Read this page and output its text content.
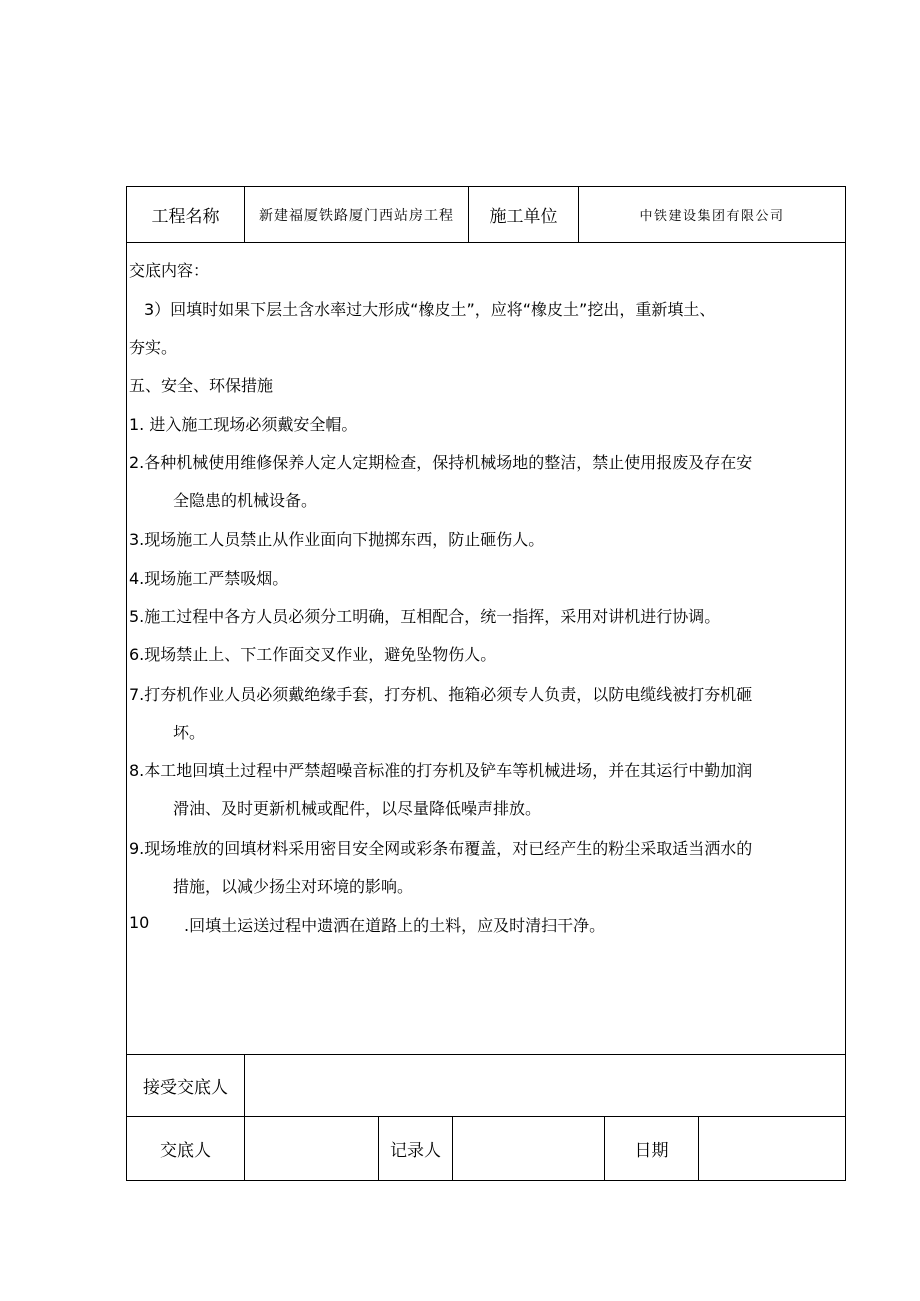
工程名称	新建福厦铁路厦门西站房工程	施工单位	中铁建设集团有限公司
交底内容：
3）回填时如果下层土含水率过大形成“橡皮土”，应将“橡皮土”挖出，重新填土、
夯实。
五、安全、环保措施
1. 进入施工现场必须戴安全帽。
2.各种机械使用维修保养人定人定期检查，保持机械场地的整洁，禁止使用报废及存在安
全隐患的机械设备。
3.现场施工人员禁止从作业面向下抛掷东西，防止砸伤人。
4.现场施工严禁吸烟。
5.施工过程中各方人员必须分工明确，互相配合，统一指挥，采用对讲机进行协调。
6.现场禁止上、下工作面交叉作业，避免坠物伤人。
7.打夯机作业人员必须戴绝缘手套，打夯机、拖箱必须专人负责，以防电缆线被打夯机砸
坏。
8.本工地回填土过程中严禁超噪音标准的打夯机及铲车等机械进场，并在其运行中勤加润
滑油、及时更新机械或配件，以尽量降低噪声排放。
9.现场堆放的回填材料采用密目安全网或彩条布覆盖，对已经产生的粉尘采取适当洒水的
措施，以减少扬尘对环境的影响。
10 .回填土运送过程中遗洒在道路上的土料，应及时清扫干净。
接受交底人
交底人	记录人	日期
